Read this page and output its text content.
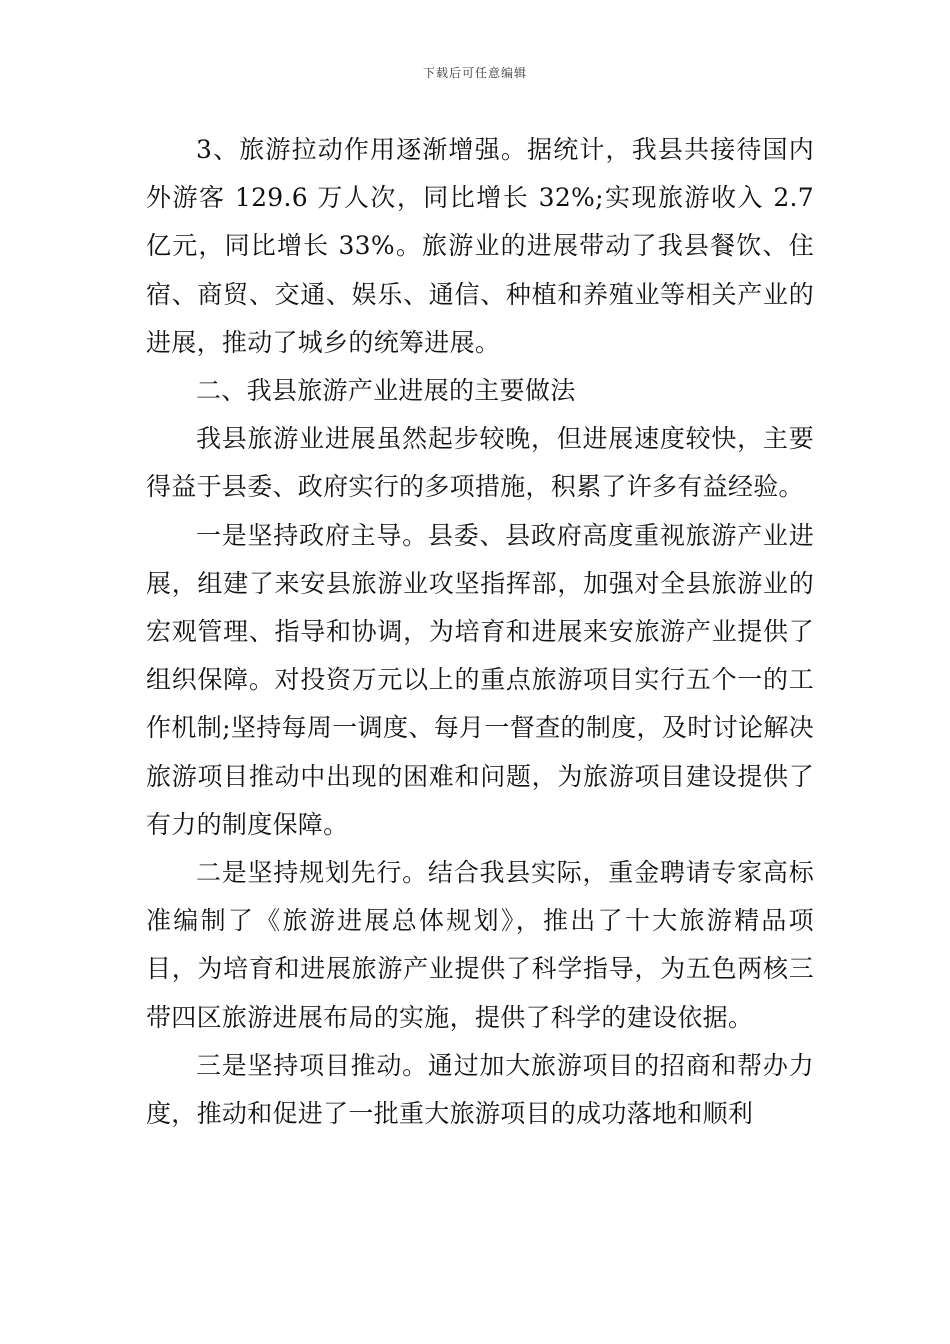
下载后可任意编辑

3、旅游拉动作用逐渐增强。据统计，我县共接待国内外游客 129.6 万人次，同比增长 32%;实现旅游收入 2.7 亿元，同比增长 33%。旅游业的进展带动了我县餐饮、住宿、商贸、交通、娱乐、通信、种植和养殖业等相关产业的进展，推动了城乡的统筹进展。

二、我县旅游产业进展的主要做法

我县旅游业进展虽然起步较晚，但进展速度较快，主要得益于县委、政府实行的多项措施，积累了许多有益经验。

一是坚持政府主导。县委、县政府高度重视旅游产业进展，组建了来安县旅游业攻坚指挥部，加强对全县旅游业的宏观管理、指导和协调，为培育和进展来安旅游产业提供了组织保障。对投资万元以上的重点旅游项目实行五个一的工作机制;坚持每周一调度、每月一督查的制度，及时讨论解决旅游项目推动中出现的困难和问题，为旅游项目建设提供了有力的制度保障。

二是坚持规划先行。结合我县实际，重金聘请专家高标准编制了《旅游进展总体规划》，推出了十大旅游精品项目，为培育和进展旅游产业提供了科学指导，为五色两核三带四区旅游进展布局的实施，提供了科学的建设依据。

三是坚持项目推动。通过加大旅游项目的招商和帮办力度，推动和促进了一批重大旅游项目的成功落地和顺利
